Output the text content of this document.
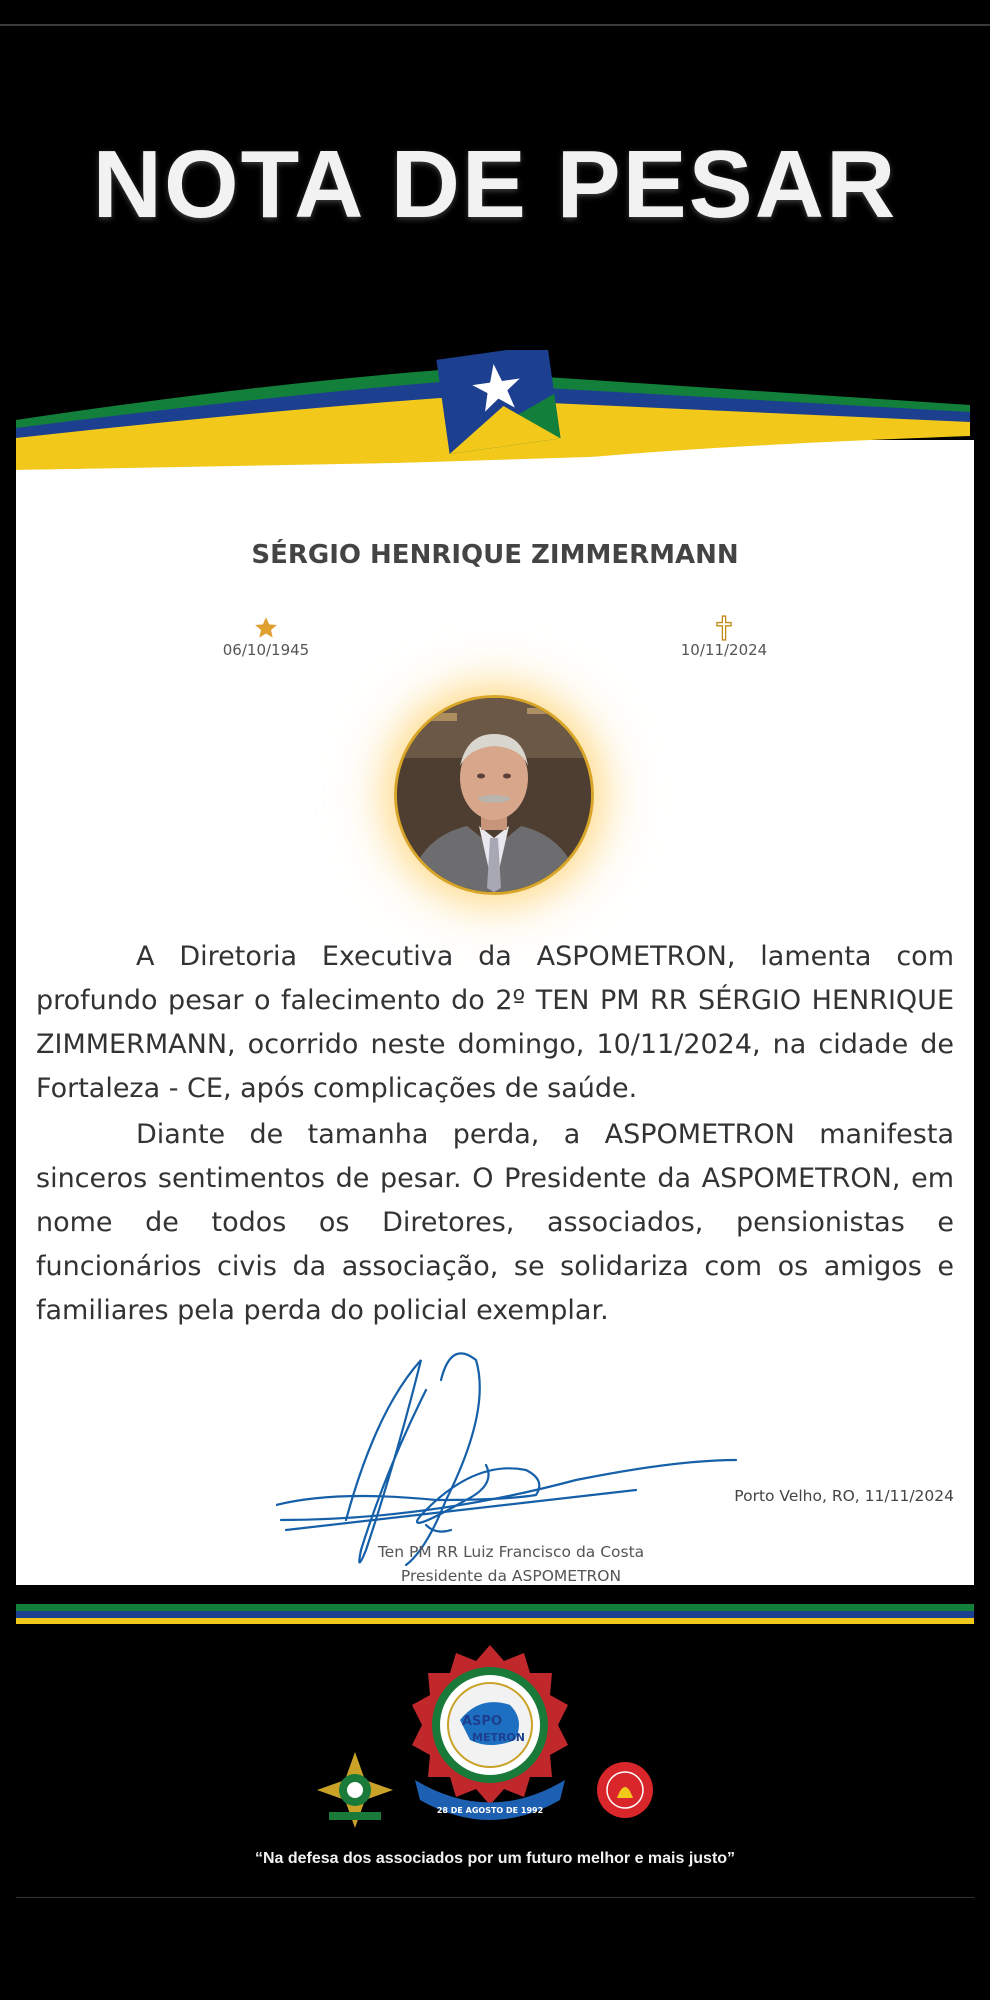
NOTA DE PESAR
SÉRGIO HENRIQUE ZIMMERMANN
06/10/1945	10/11/2024

A Diretoria Executiva da ASPOMETRON, lamenta com profundo pesar o falecimento do 2º TEN PM RR SÉRGIO HENRIQUE ZIMMERMANN, ocorrido neste domingo, 10/11/2024, na cidade de Fortaleza - CE, após complicações de saúde.

Diante de tamanha perda, a ASPOMETRON manifesta sinceros sentimentos de pesar. O Presidente da ASPOMETRON, em nome de todos os Diretores, associados, pensionistas e funcionários civis da associação, se solidariza com os amigos e familiares pela perda do policial exemplar.

Ten PM RR Luiz Francisco da Costa
Presidente da ASPOMETRON
Porto Velho, RO, 11/11/2024
ASPO
METRON
28 DE AGOSTO DE 1992
“Na defesa dos associados por um futuro melhor e mais justo”
